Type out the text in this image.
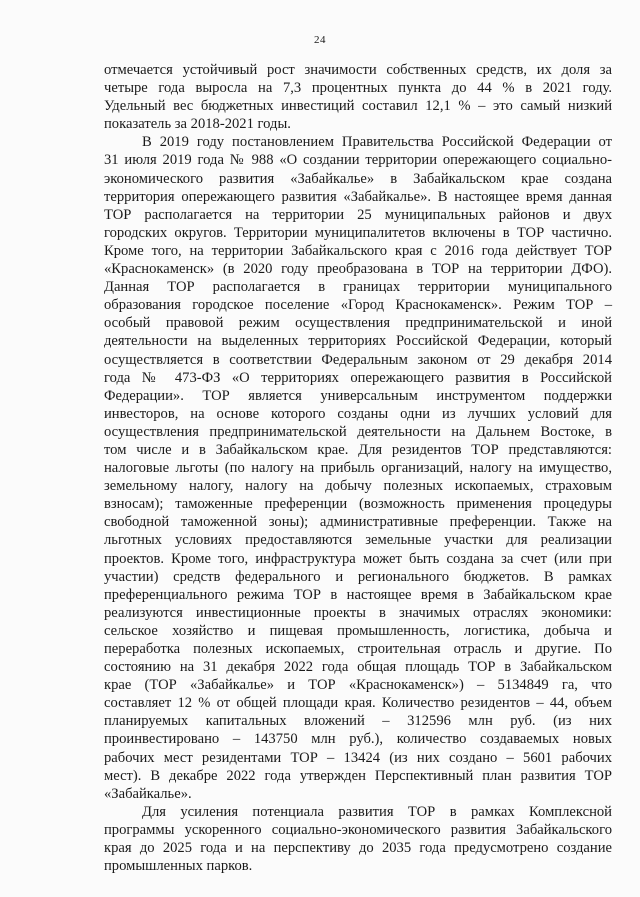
24

отмечается устойчивый рост значимости собственных средств, их доля за
четыре года выросла на 7,3 процентных пункта до 44 % в 2021 году.
Удельный вес бюджетных инвестиций составил 12,1 % – это самый низкий
показатель за 2018-2021 годы.

В 2019 году постановлением Правительства Российской Федерации от
31 июля 2019 года № 988 «О создании территории опережающего социально-
экономического развития «Забайкалье» в Забайкальском крае создана
территория опережающего развития «Забайкалье». В настоящее время данная
ТОР располагается на территории 25 муниципальных районов и двух
городских округов. Территории муниципалитетов включены в ТОР частично.
Кроме того, на территории Забайкальского края с 2016 года действует ТОР
«Краснокаменск» (в 2020 году преобразована в ТОР на территории ДФО).
Данная ТОР располагается в границах территории муниципального
образования городское поселение «Город Краснокаменск». Режим ТОР –
особый правовой режим осуществления предпринимательской и иной
деятельности на выделенных территориях Российской Федерации, который
осуществляется в соответствии Федеральным законом от 29 декабря 2014
года № 473-ФЗ «О территориях опережающего развития в Российской
Федерации». ТОР является универсальным инструментом поддержки
инвесторов, на основе которого созданы одни из лучших условий для
осуществления предпринимательской деятельности на Дальнем Востоке, в
том числе и в Забайкальском крае. Для резидентов ТОР представляются:
налоговые льготы (по налогу на прибыль организаций, налогу на имущество,
земельному налогу, налогу на добычу полезных ископаемых, страховым
взносам); таможенные преференции (возможность применения процедуры
свободной таможенной зоны); административные преференции. Также на
льготных условиях предоставляются земельные участки для реализации
проектов. Кроме того, инфраструктура может быть создана за счет (или при
участии) средств федерального и регионального бюджетов. В рамках
преференциального режима ТОР в настоящее время в Забайкальском крае
реализуются инвестиционные проекты в значимых отраслях экономики:
сельское хозяйство и пищевая промышленность, логистика, добыча и
переработка полезных ископаемых, строительная отрасль и другие. По
состоянию на 31 декабря 2022 года общая площадь ТОР в Забайкальском
крае (ТОР «Забайкалье» и ТОР «Краснокаменск») – 5134849 га, что
составляет 12 % от общей площади края. Количество резидентов – 44, объем
планируемых капитальных вложений – 312596 млн руб. (из них
проинвестировано – 143750 млн руб.), количество создаваемых новых
рабочих мест резидентами ТОР – 13424 (из них создано – 5601 рабочих
мест). В декабре 2022 года утвержден Перспективный план развития ТОР
«Забайкалье».

Для усиления потенциала развития ТОР в рамках Комплексной
программы ускоренного социально-экономического развития Забайкальского
края до 2025 года и на перспективу до 2035 года предусмотрено создание
промышленных парков.
